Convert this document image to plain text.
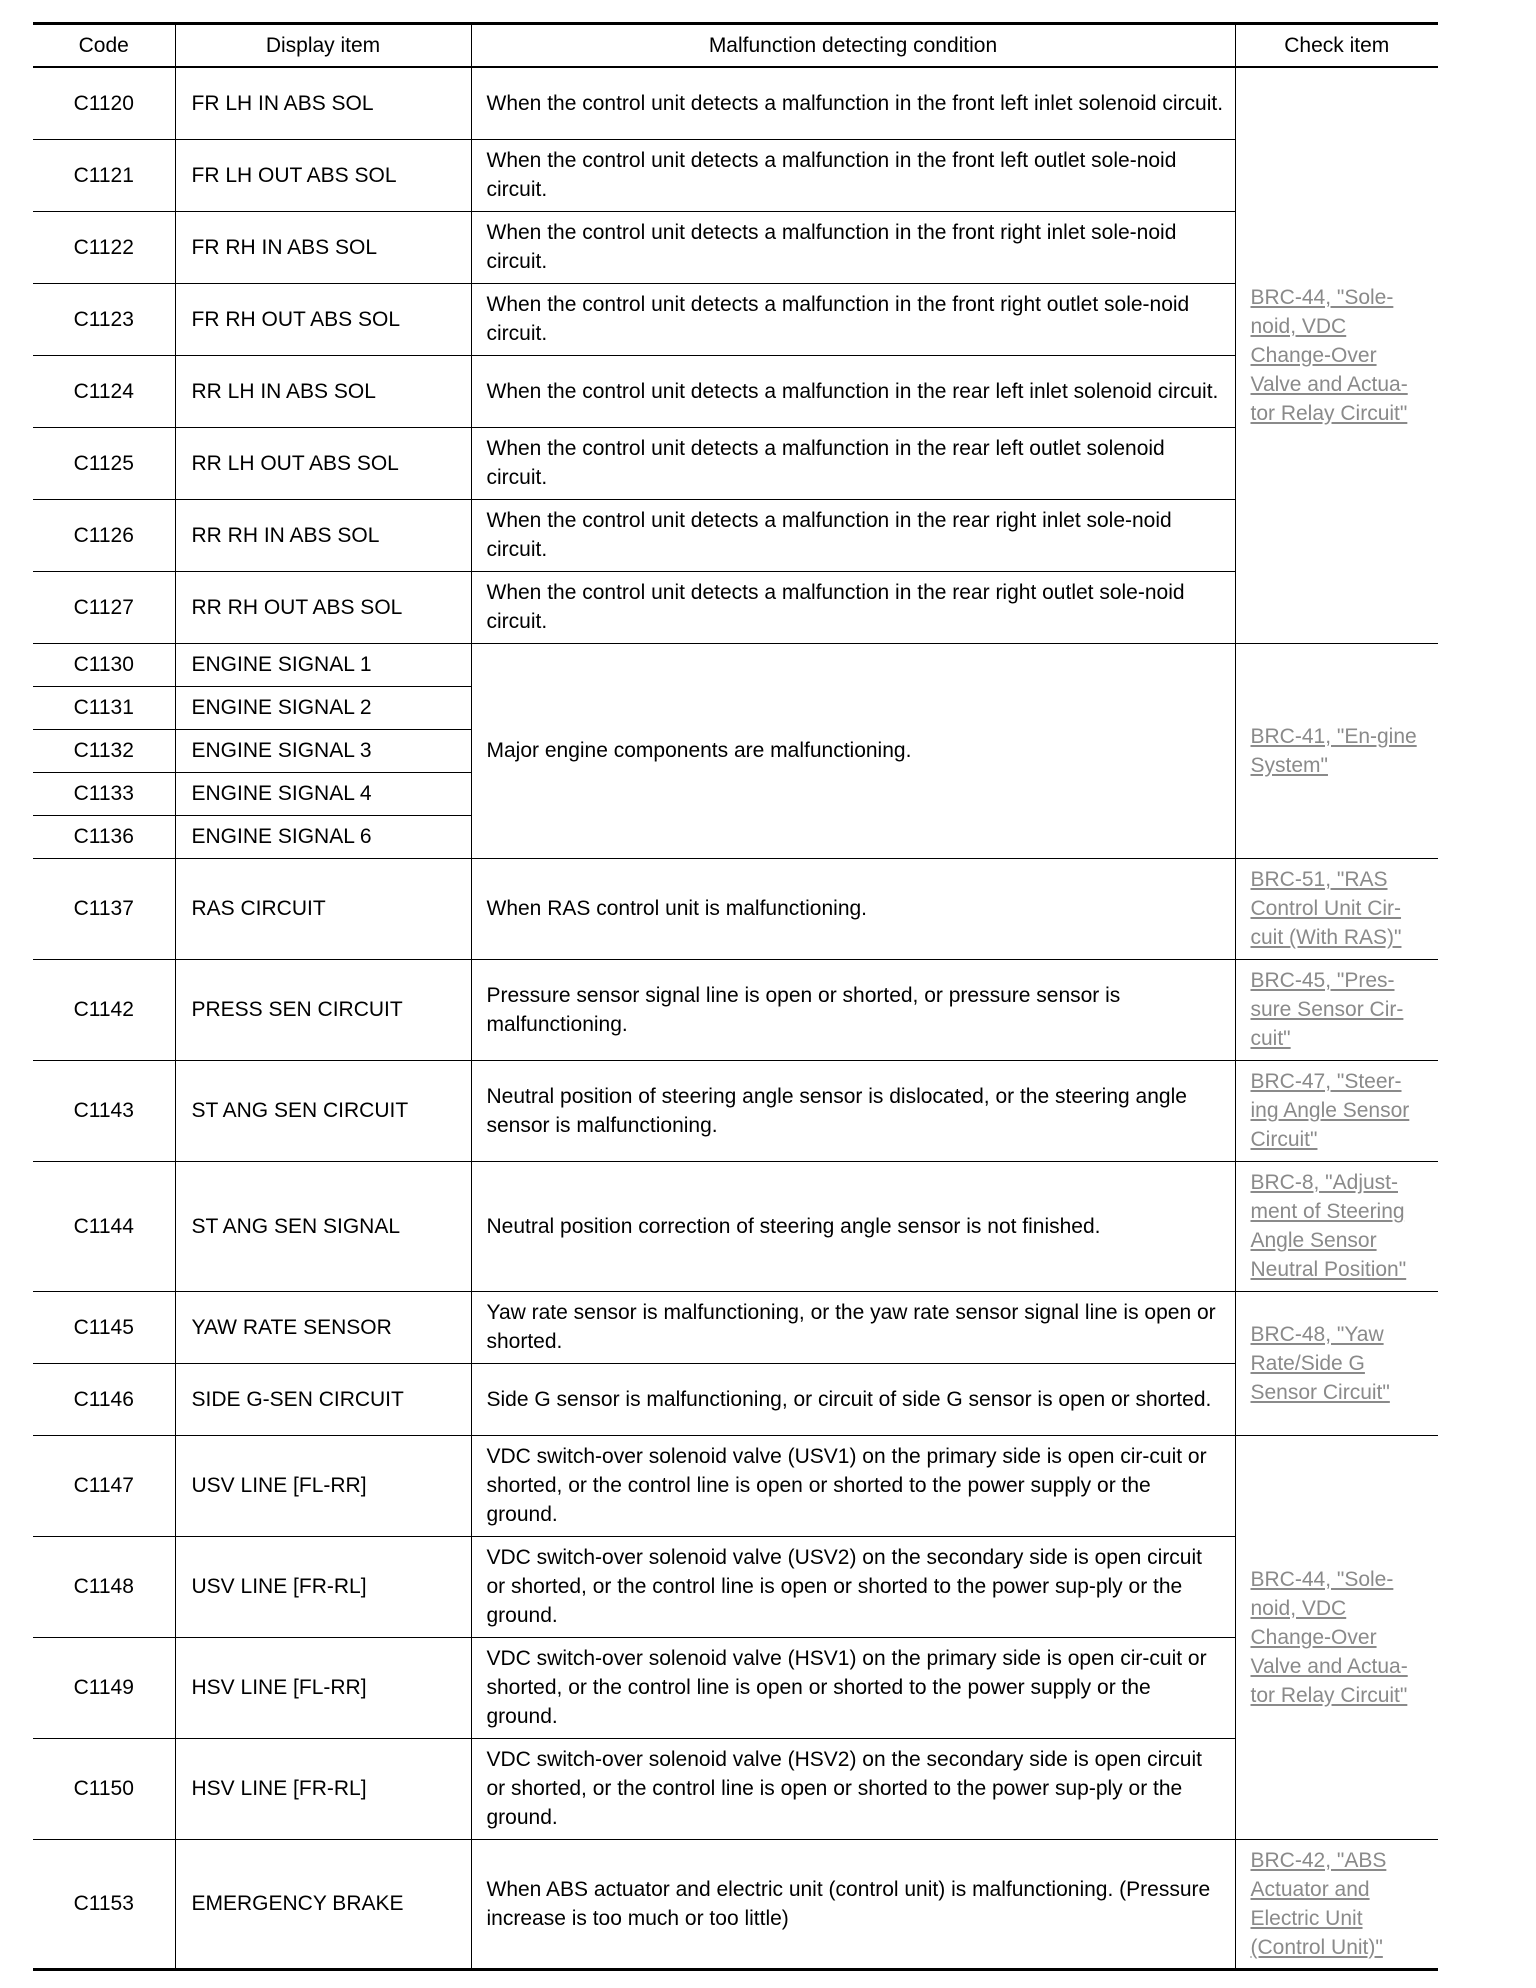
Code	Display item	Malfunction detecting condition	Check item
C1120	FR LH IN ABS SOL	When the control unit detects a malfunction in the front left inlet solenoid circuit.	BRC-44, "Sole-noid, VDC Change-Over Valve and Actua-tor Relay Circuit"

C1121	FR LH OUT ABS SOL	When the control unit detects a malfunction in the front left outlet sole-noid circuit.	
C1122	FR RH IN ABS SOL	When the control unit detects a malfunction in the front right inlet sole-noid circuit.	
C1123	FR RH OUT ABS SOL	When the control unit detects a malfunction in the front right outlet sole-noid circuit.	
C1124	RR LH IN ABS SOL	When the control unit detects a malfunction in the rear left inlet solenoid circuit.	
C1125	RR LH OUT ABS SOL	When the control unit detects a malfunction in the rear left outlet solenoid circuit.	
C1126	RR RH IN ABS SOL	When the control unit detects a malfunction in the rear right inlet sole-noid circuit.	
C1127	RR RH OUT ABS SOL	When the control unit detects a malfunction in the rear right outlet sole-noid circuit.	
C1130	ENGINE SIGNAL 1	Major engine components are malfunctioning.	BRC-41, "En-gine System"

C1131	ENGINE SIGNAL 2		
C1132	ENGINE SIGNAL 3		
C1133	ENGINE SIGNAL 4		
C1136	ENGINE SIGNAL 6		
C1137	RAS CIRCUIT	When RAS control unit is malfunctioning.	BRC-51, "RAS Control Unit Cir-cuit (With RAS)"

C1142	PRESS SEN CIRCUIT	Pressure sensor signal line is open or shorted, or pressure sensor is malfunctioning.	BRC-45, "Pres-sure Sensor Cir-cuit"

C1143	ST ANG SEN CIRCUIT	Neutral position of steering angle sensor is dislocated, or the steering angle sensor is malfunctioning.	BRC-47, "Steer-ing Angle Sensor Circuit"

C1144	ST ANG SEN SIGNAL	Neutral position correction of steering angle sensor is not finished.	BRC-8, "Adjust-ment of Steering Angle Sensor Neutral Position"

C1145	YAW RATE SENSOR	Yaw rate sensor is malfunctioning, or the yaw rate sensor signal line is open or shorted.	BRC-48, "Yaw Rate/Side G Sensor Circuit"

C1146	SIDE G-SEN CIRCUIT	Side G sensor is malfunctioning, or circuit of side G sensor is open or shorted.	
C1147	USV LINE [FL-RR]	VDC switch-over solenoid valve (USV1) on the primary side is open cir-cuit or shorted, or the control line is open or shorted to the power supply or the ground.	BRC-44, "Sole-noid, VDC Change-Over Valve and Actua-tor Relay Circuit"

C1148	USV LINE [FR-RL]	VDC switch-over solenoid valve (USV2) on the secondary side is open circuit or shorted, or the control line is open or shorted to the power sup-ply or the ground.	
C1149	HSV LINE [FL-RR]	VDC switch-over solenoid valve (HSV1) on the primary side is open cir-cuit or shorted, or the control line is open or shorted to the power supply or the ground.	
C1150	HSV LINE [FR-RL]	VDC switch-over solenoid valve (HSV2) on the secondary side is open circuit or shorted, or the control line is open or shorted to the power sup-ply or the ground.	
C1153	EMERGENCY BRAKE	When ABS actuator and electric unit (control unit) is malfunctioning. (Pressure increase is too much or too little)	BRC-42, "ABS Actuator and Electric Unit (Control Unit)"
